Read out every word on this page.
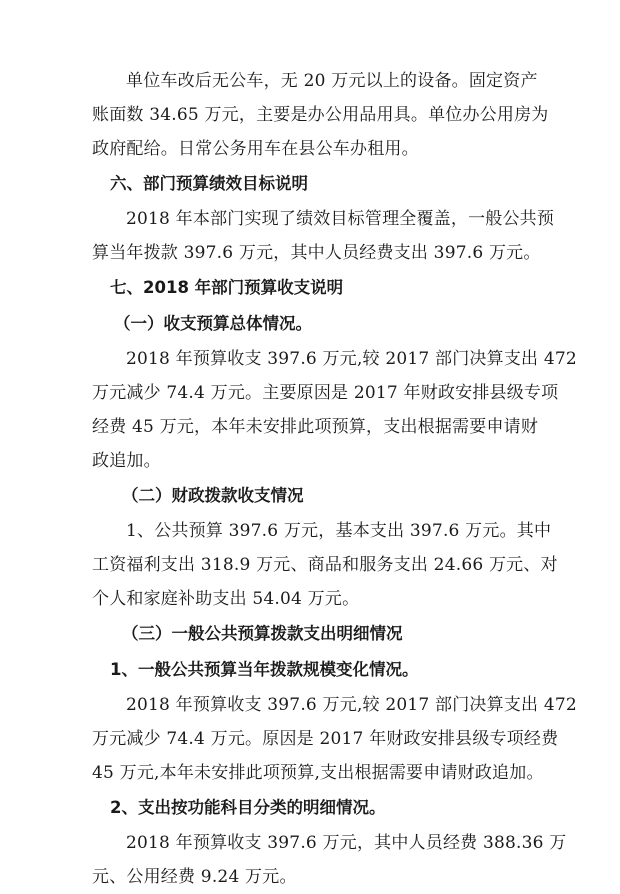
单位车改后无公车，无 20 万元以上的设备。固定资产
账面数 34.65 万元，主要是办公用品用具。单位办公用房为
政府配给。日常公务用车在县公车办租用。
六、部门预算绩效目标说明
2018 年本部门实现了绩效目标管理全覆盖，一般公共预
算当年拨款 397.6 万元，其中人员经费支出 397.6 万元。
七、2018 年部门预算收支说明
（一）收支预算总体情况。
2018 年预算收支 397.6 万元,较 2017 部门决算支出 472
万元减少 74.4 万元。主要原因是 2017 年财政安排县级专项
经费 45 万元，本年未安排此项预算，支出根据需要申请财
政追加。
（二）财政拨款收支情况
1、公共预算 397.6 万元，基本支出 397.6 万元。其中
工资福利支出 318.9 万元、商品和服务支出 24.66 万元、对
个人和家庭补助支出 54.04 万元。
（三）一般公共预算拨款支出明细情况
1、一般公共预算当年拨款规模变化情况。
2018 年预算收支 397.6 万元,较 2017 部门决算支出 472
万元减少 74.4 万元。原因是 2017 年财政安排县级专项经费
45 万元,本年未安排此项预算,支出根据需要申请财政追加。
2、支出按功能科目分类的明细情况。
2018 年预算收支 397.6 万元，其中人员经费 388.36 万
元、公用经费 9.24 万元。
